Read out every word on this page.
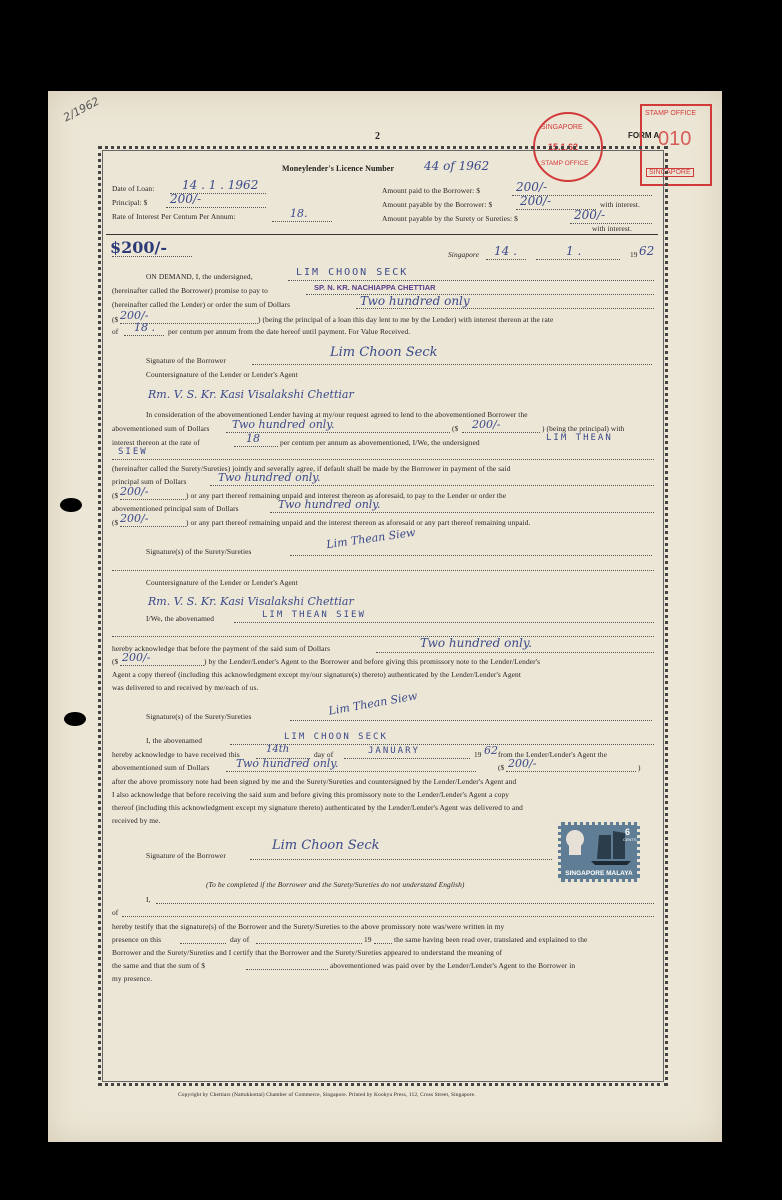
2/1962
2	FORM A
SINGAPORE
15.1.62
STAMP OFFICE
STAMP OFFICE
010
SINGAPORE
Moneylender's Licence Number 44 of 1962
Date of Loan: 14 . 1 . 1962
Principal: $ 200/-
Rate of Interest Per Centum Per Annum:	18.
Amount paid to the Borrower: $	200/-
Amount payable by the Borrower: $ 200/-	with interest.
Amount payable by the Surety or Sureties: $	200/-
with interest.
$200/-	Singapore 14 .	1 .	19 62
ON DEMAND, I, the undersigned,	LIM CHOON SECK
(hereinafter called the Borrower) promise to pay to	SP. N. KR. NACHIAPPA CHETTIAR
(hereinafter called the Lender) or order the sum of Dollars	Two hundred only
($ 200/-	) (being the principal of a loan this day lent to me by the Lender) with interest thereon at the rate
of 18 . per centum per annum from the date hereof until payment. For Value Received.
Signature of the Borrower
Lim Choon Seck
Countersignature of the Lender or Lender's Agent
Rm. V. S. Kr. Kasi Visalakshi Chettiar
In consideration of the abovementioned Lender having at my/our request agreed to lend to the abovementioned Borrower the
abovementioned sum of Dollars Two hundred only.	($ 200/-	) (being the principal) with
interest thereon at the rate of	18	per centum per annum as abovementioned, I/We, the undersigned	LIM THEAN
SIEW
(hereinafter called the Surety/Sureties) jointly and severally agree, if default shall be made by the Borrower in payment of the said
principal sum of Dollars	Two hundred only.
($ 200/-	) or any part thereof remaining unpaid and interest thereon as aforesaid, to pay to the Lender or order the
abovementioned principal sum of Dollars	Two hundred only.
($ 200/-	) or any part thereof remaining unpaid and the interest thereon as aforesaid or any part thereof remaining unpaid.
Signature(s) of the Surety/Sureties
Lim Thean Siew
Countersignature of the Lender or Lender's Agent
Rm. V. S. Kr. Kasi Visalakshi Chettiar
I/We, the abovenamed	LIM THEAN SIEW
hereby acknowledge that before the payment of the said sum of Dollars	Two hundred only.
($ 200/-	) by the Lender/Lender's Agent to the Borrower and before giving this promissory note to the Lender/Lender's
Agent a copy thereof (including this acknowledgment except my/our signature(s) thereto) authenticated by the Lender/Lender's Agent
was delivered to and received by me/each of us.
Signature(s) of the Surety/Sureties	Lim Thean Siew
I, the abovenamed	LIM CHOON SECK
hereby acknowledge to have received this	14th	day of	JANUARY	19 62 from the Lender/Lender's Agent the
abovementioned sum of Dollars Two hundred only.	($ 200/-	)
after the above promissory note had been signed by me and the Surety/Sureties and countersigned by the Lender/Lender's Agent and
I also acknowledge that before receiving the said sum and before giving this promissory note to the Lender/Lender's Agent a copy
thereof (including this acknowledgment except my signature thereto) authenticated by the Lender/Lender's Agent was delivered to and
received by me.
Signature of the Borrower
Lim Choon Seck
6
CENTS
SINGAPORE MALAYA
(To be completed if the Borrower and the Surety/Sureties do not understand English)
I,
of
hereby testify that the signature(s) of the Borrower and the Surety/Sureties to the above promissory note was/were written in my
presence on this	day of	19	the same having been read over, translated and explained to the
Borrower and the Surety/Sureties and I certify that the Borrower and the Surety/Sureties appeared to understand the meaning of
the same and that the sum of $	abovementioned was paid over by the Lender/Lender's Agent to the Borrower in
my presence.
Copyright by Chettiars (Nattukkottai) Chamber of Commerce, Singapore. Printed by Kookyu Press, 112, Cross Street, Singapore.
